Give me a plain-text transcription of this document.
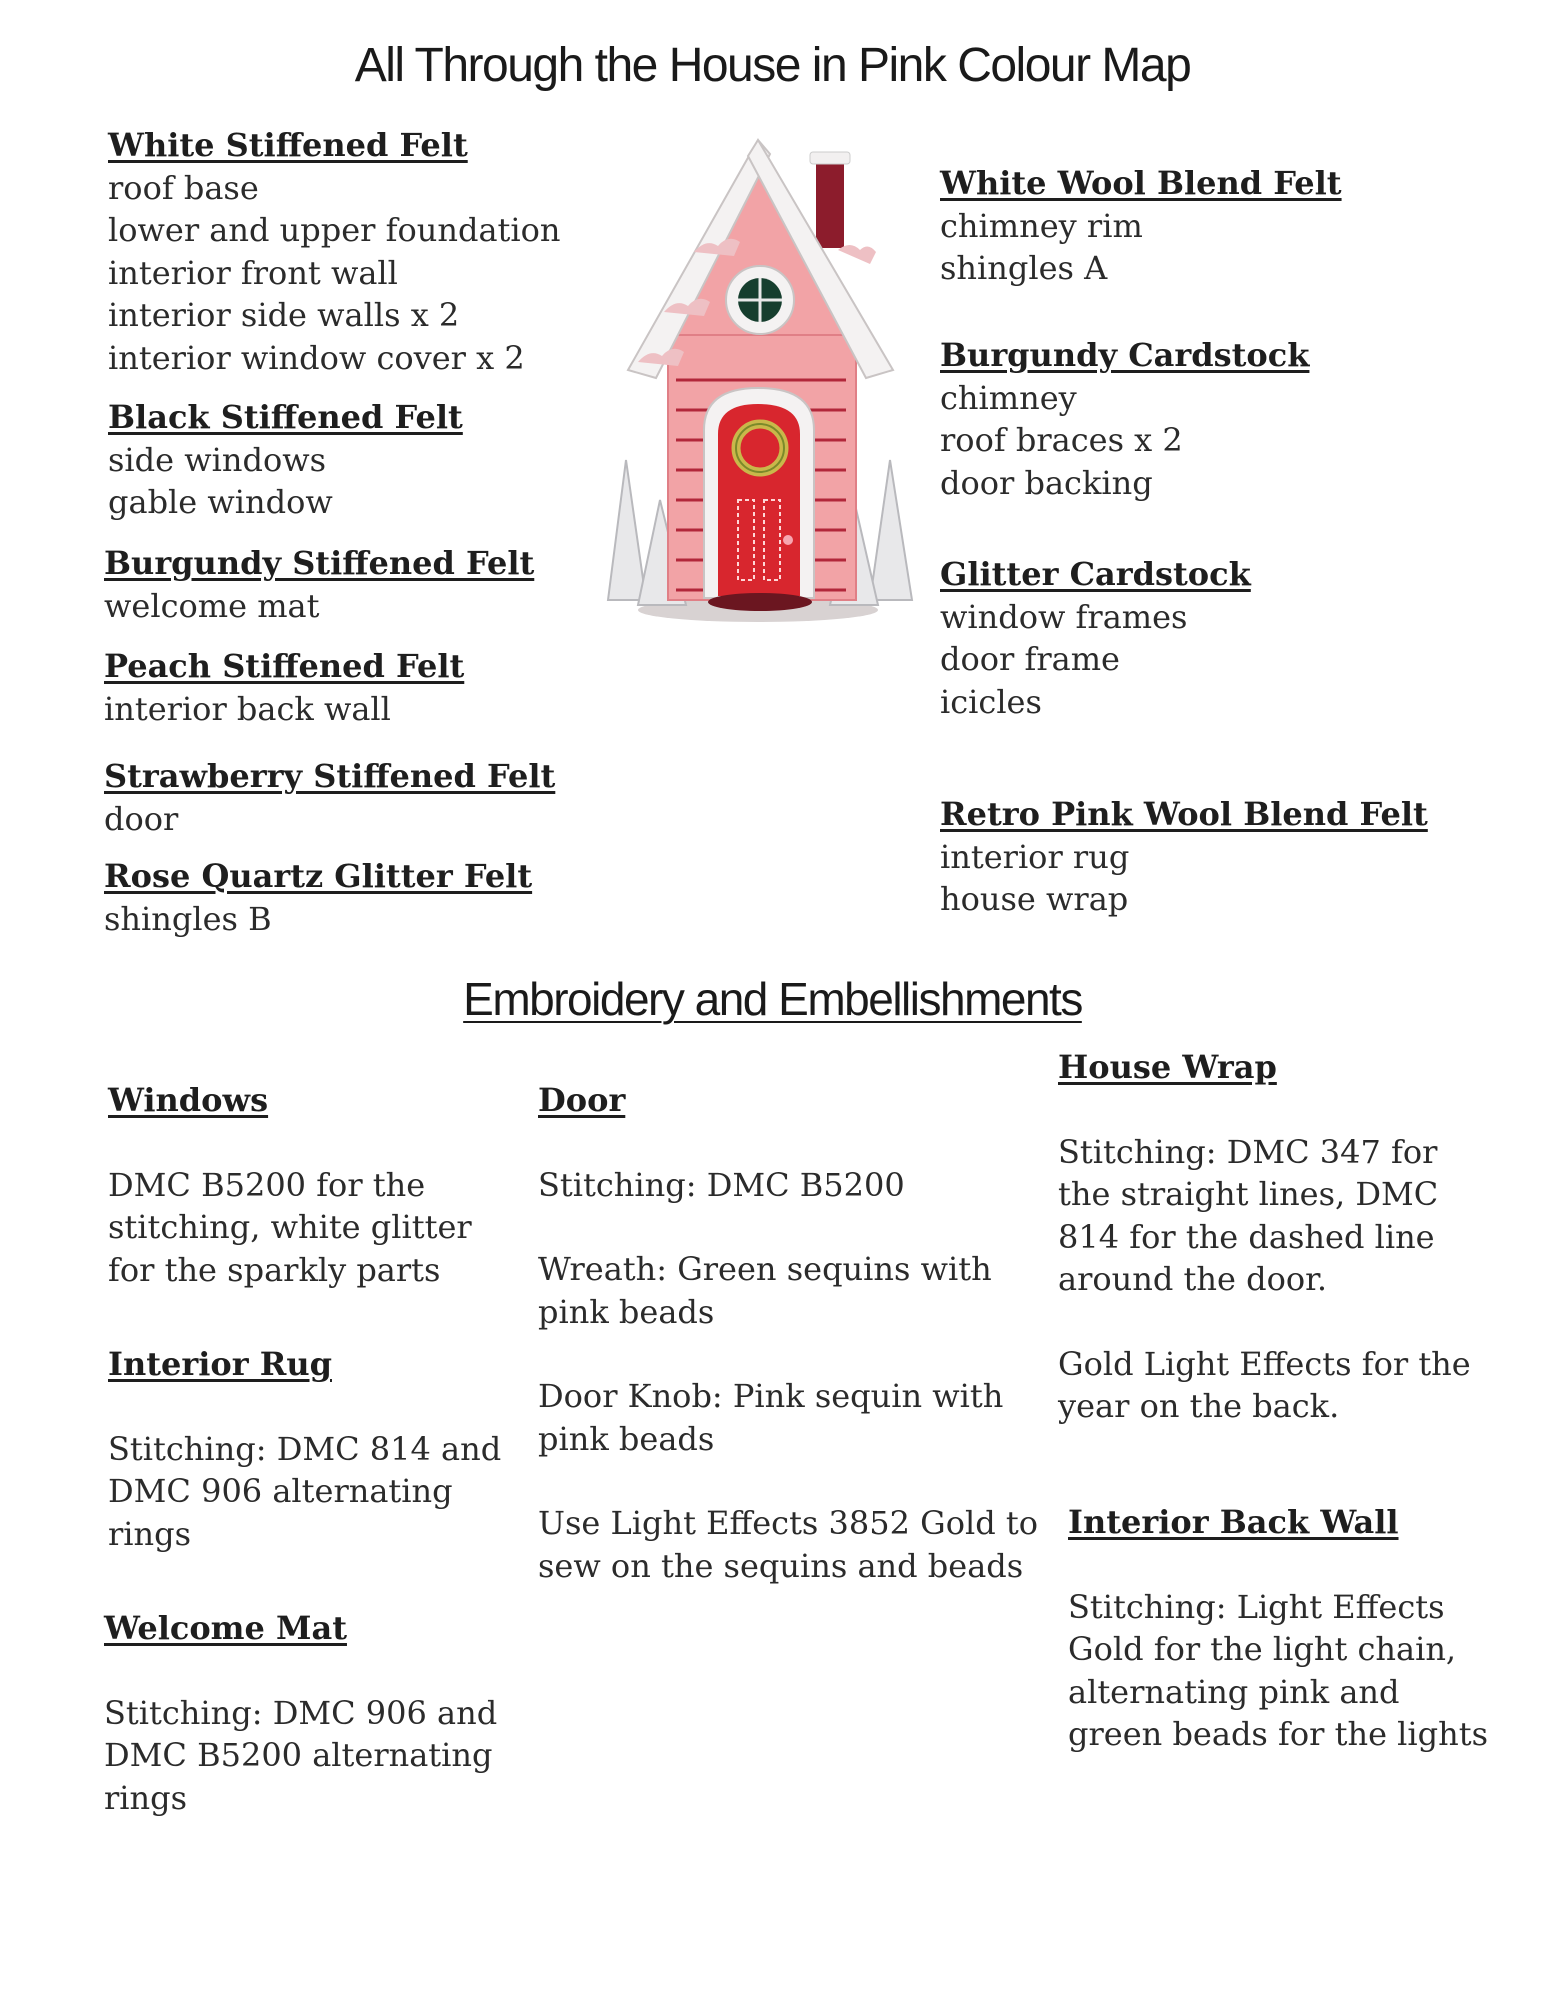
All Through the House in Pink Colour Map
White Stiffened Felt
roof base
lower and upper foundation
interior front wall
interior side walls x 2
interior window cover x 2
Black Stiffened Felt
side windows
gable window
Burgundy Stiffened Felt
welcome mat
Peach Stiffened Felt
interior back wall
Strawberry Stiffened Felt
door
Rose Quartz Glitter Felt
shingles B
White Wool Blend Felt
chimney rim
shingles A
Burgundy Cardstock
chimney
roof braces x 2
door backing
Glitter Cardstock
window frames
door frame
icicles
Retro Pink Wool Blend Felt
interior rug
house wrap
Embroidery and Embellishments
Windows
DMC B5200 for the
stitching, white glitter
for the sparkly parts
Interior Rug
Stitching: DMC 814 and
DMC 906 alternating
rings
Welcome Mat
Stitching: DMC 906 and
DMC B5200 alternating
rings
Door
Stitching: DMC B5200
Wreath: Green sequins with
pink beads
Door Knob: Pink sequin with
pink beads
Use Light Effects 3852 Gold to
sew on the sequins and beads
House Wrap
Stitching: DMC 347 for
the straight lines, DMC
814 for the dashed line
around the door.
Gold Light Effects for the
year on the back.
Interior Back Wall
Stitching: Light Effects
Gold for the light chain,
alternating pink and
green beads for the lights
